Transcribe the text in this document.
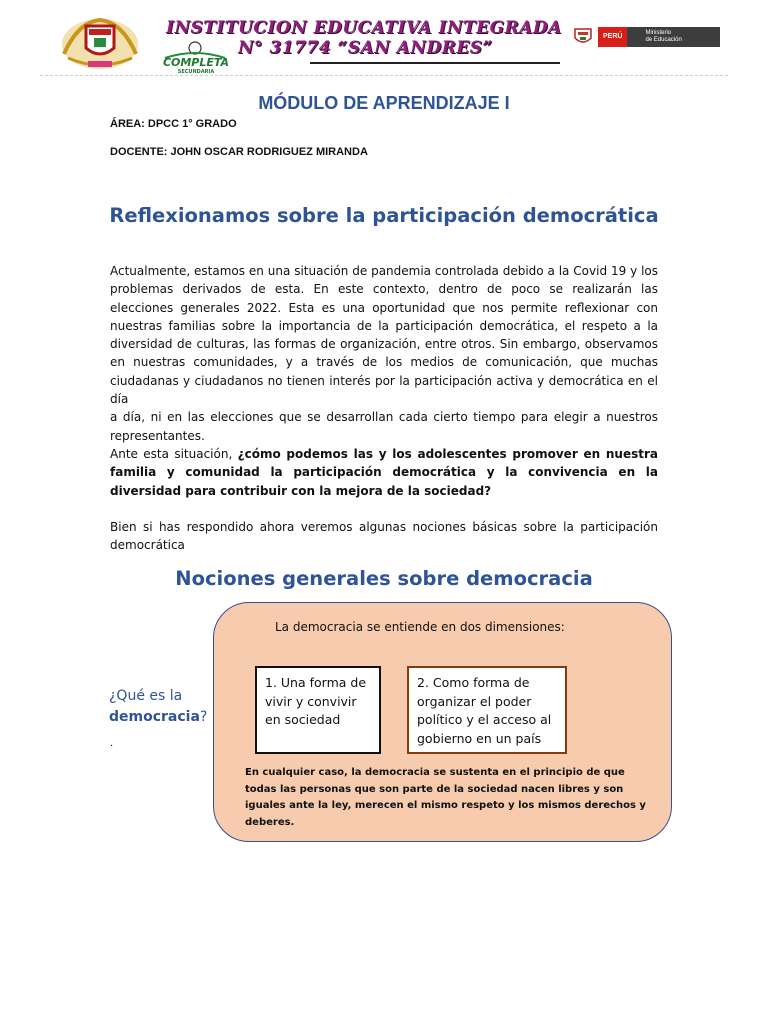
INSTITUCION EDUCATIVA INTEGRADA
N° 31774 “SAN ANDRES”
COMPLETA
SECUNDARIA
PERÚ	Ministerio
de Educación
MÓDULO DE APRENDIZAJE I
ÁREA: DPCC 1° GRADO
DOCENTE: JOHN OSCAR RODRIGUEZ MIRANDA
Reflexionamos sobre la participación democrática

Actualmente, estamos en una situación de pandemia controlada debido a la Covid 19 y los problemas derivados de esta. En este contexto, dentro de poco se realizarán las elecciones generales 2022. Esta es una oportunidad que nos permite reflexionar con nuestras familias sobre la importancia de la participación democrática, el respeto a la diversidad de culturas, las formas de organización, entre otros. Sin embargo, observamos en nuestras comunidades, y a través de los medios de comunicación, que muchas ciudadanas y ciudadanos no tienen interés por la participación activa y democrática en el día

a día, ni en las elecciones que se desarrollan cada cierto tiempo para elegir a nuestros representantes.

Ante esta situación, ¿cómo podemos las y los adolescentes promover en nuestra familia y comunidad la participación democrática y la convivencia en la diversidad para contribuir con la mejora de la sociedad?

Bien si has respondido ahora veremos algunas nociones básicas sobre la participación democrática

Nociones generales sobre democracia
¿Qué es la
democracia?
.
La democracia se entiende en dos dimensiones:
1. Una forma de vivir y convivir en sociedad
2. Como forma de organizar el poder político y el acceso al gobierno en un país
En cualquier caso, la democracia se sustenta en el principio de que todas las personas que son parte de la sociedad nacen libres y son iguales ante la ley, merecen el mismo respeto y los mismos derechos y deberes.
